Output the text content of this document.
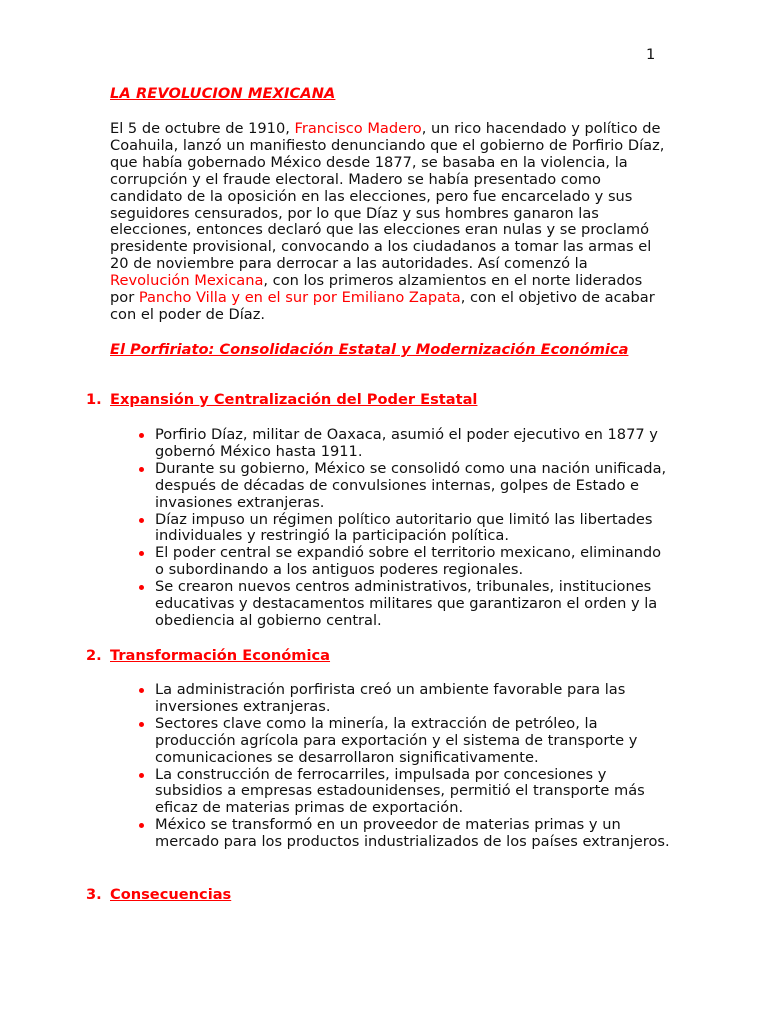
1
LA REVOLUCION MEXICANA

El 5 de octubre de 1910, Francisco Madero, un rico hacendado y político de Coahuila, lanzó un manifiesto denunciando que el gobierno de Porfirio Díaz, que había gobernado México desde 1877, se basaba en la violencia, la corrupción y el fraude electoral. Madero se había presentado como candidato de la oposición en las elecciones, pero fue encarcelado y sus seguidores censurados, por lo que Díaz y sus hombres ganaron las elecciones, entonces declaró que las elecciones eran nulas y se proclamó presidente provisional, convocando a los ciudadanos a tomar las armas el 20 de noviembre para derrocar a las autoridades. Así comenzó la Revolución Mexicana, con los primeros alzamientos en el norte liderados por Pancho Villa y en el sur por Emiliano Zapata, con el objetivo de acabar con el poder de Díaz.

El Porfiriato: Consolidación Estatal y Modernización Económica
1. Expansión y Centralización del Poder Estatal
Porfirio Díaz, militar de Oaxaca, asumió el poder ejecutivo en 1877 y gobernó México hasta 1911.
Durante su gobierno, México se consolidó como una nación unificada, después de décadas de convulsiones internas, golpes de Estado e invasiones extranjeras.
Díaz impuso un régimen político autoritario que limitó las libertades individuales y restringió la participación política.
El poder central se expandió sobre el territorio mexicano, eliminando o subordinando a los antiguos poderes regionales.
Se crearon nuevos centros administrativos, tribunales, instituciones educativas y destacamentos militares que garantizaron el orden y la obediencia al gobierno central.
2. Transformación Económica
La administración porfirista creó un ambiente favorable para las inversiones extranjeras.
Sectores clave como la minería, la extracción de petróleo, la producción agrícola para exportación y el sistema de transporte y comunicaciones se desarrollaron significativamente.
La construcción de ferrocarriles, impulsada por concesiones y subsidios a empresas estadounidenses, permitió el transporte más eficaz de materias primas de exportación.
México se transformó en un proveedor de materias primas y un mercado para los productos industrializados de los países extranjeros.
3. Consecuencias
